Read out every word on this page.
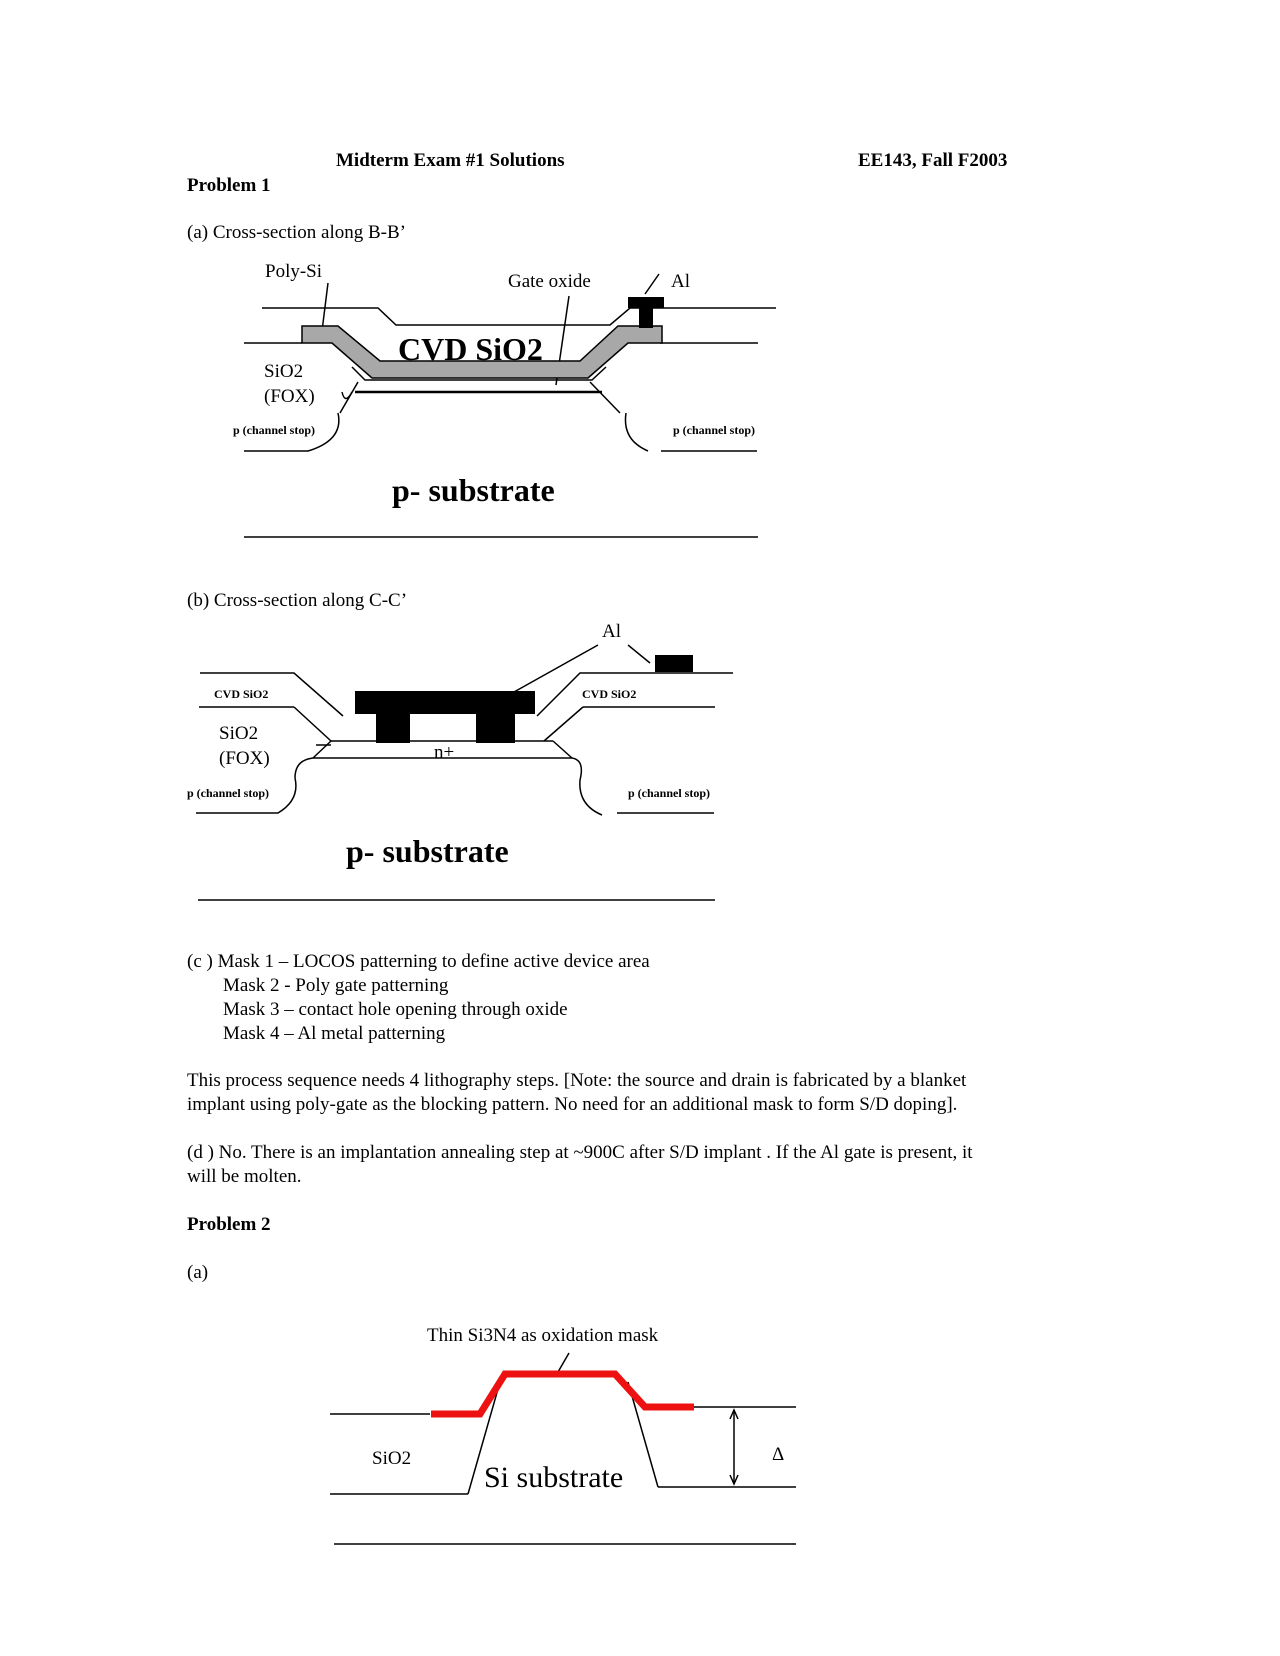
Midterm Exam #1 Solutions	EE143, Fall F2003
Problem 1
(a) Cross-section along B-B’
Poly-Si	Gate oxide	Al
CVD SiO2
SiO2
(FOX)
p (channel stop)	p (channel stop)
p- substrate
(b) Cross-section along C-C’
Al
CVD SiO2	CVD SiO2
SiO2
(FOX)	n+
p (channel stop)	p (channel stop)
p- substrate
(c ) Mask 1 – LOCOS patterning to define active device area
Mask 2 - Poly gate patterning
Mask 3 – contact hole opening through oxide
Mask 4 – Al metal patterning
This process sequence needs 4 lithography steps. [Note: the source and drain is fabricated by a blanket
implant using poly-gate as the blocking pattern. No need for an additional mask to form S/D doping].
(d ) No. There is an implantation annealing step at ~900C after S/D implant . If the Al gate is present, it
will be molten.
Problem 2
(a)
Thin Si3N4 as oxidation mask
SiO2
Si substrate
Δ
